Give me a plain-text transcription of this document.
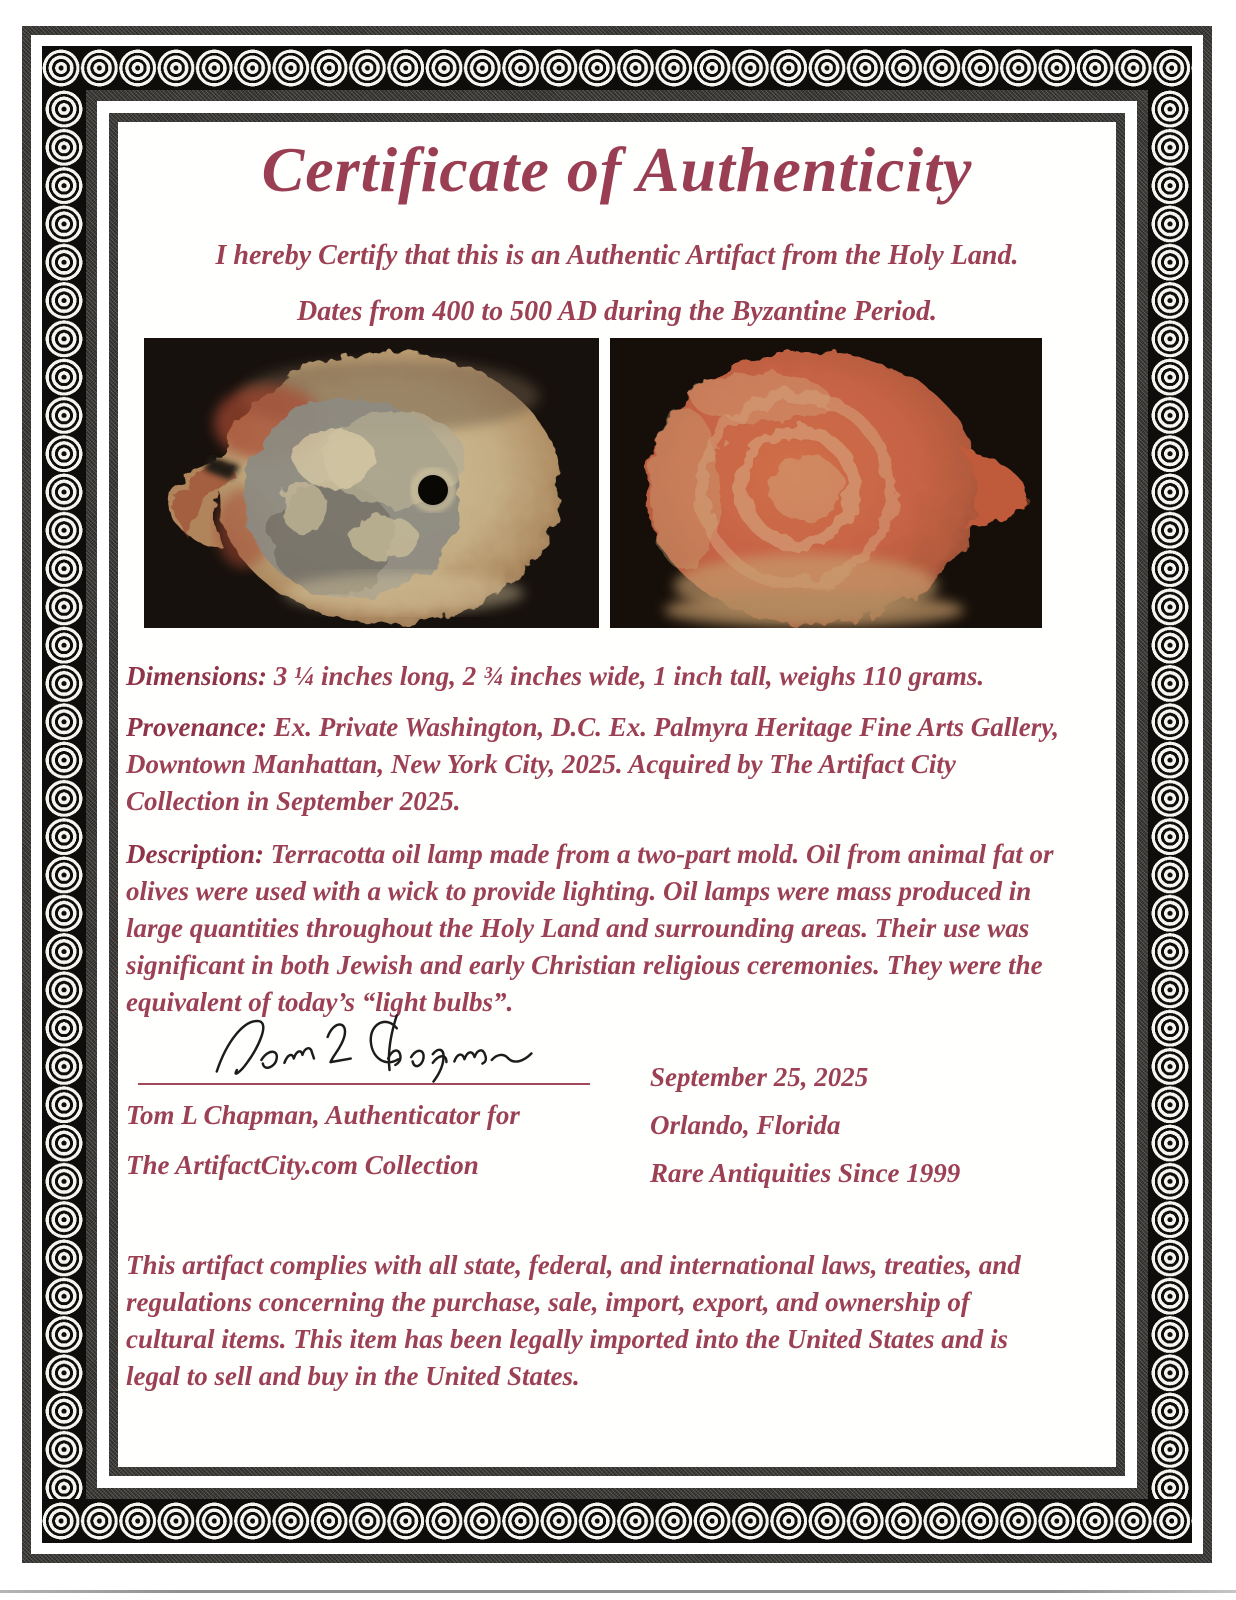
Certificate of Authenticity

I hereby Certify that this is an Authentic Artifact from the Holy Land.

Dates from 400 to 500 AD during the Byzantine Period.

Dimensions: 3 ¼ inches long, 2 ¾ inches wide, 1 inch tall, weighs 110 grams.

Provenance: Ex. Private Washington, D.C. Ex. Palmyra Heritage Fine Arts Gallery, Downtown Manhattan, New York City, 2025. Acquired by The Artifact City Collection in September 2025.

Description: Terracotta oil lamp made from a two-part mold. Oil from animal fat or olives were used with a wick to provide lighting. Oil lamps were mass produced in large quantities throughout the Holy Land and surrounding areas. Their use was significant in both Jewish and early Christian religious ceremonies. They were the equivalent of today’s “light bulbs”.

Tom L Chapman, Authenticator for

The ArtifactCity.com Collection

September 25, 2025

Orlando, Florida

Rare Antiquities Since 1999

This artifact complies with all state, federal, and international laws, treaties, and regulations concerning the purchase, sale, import, export, and ownership of cultural items. This item has been legally imported into the United States and is legal to sell and buy in the United States.
